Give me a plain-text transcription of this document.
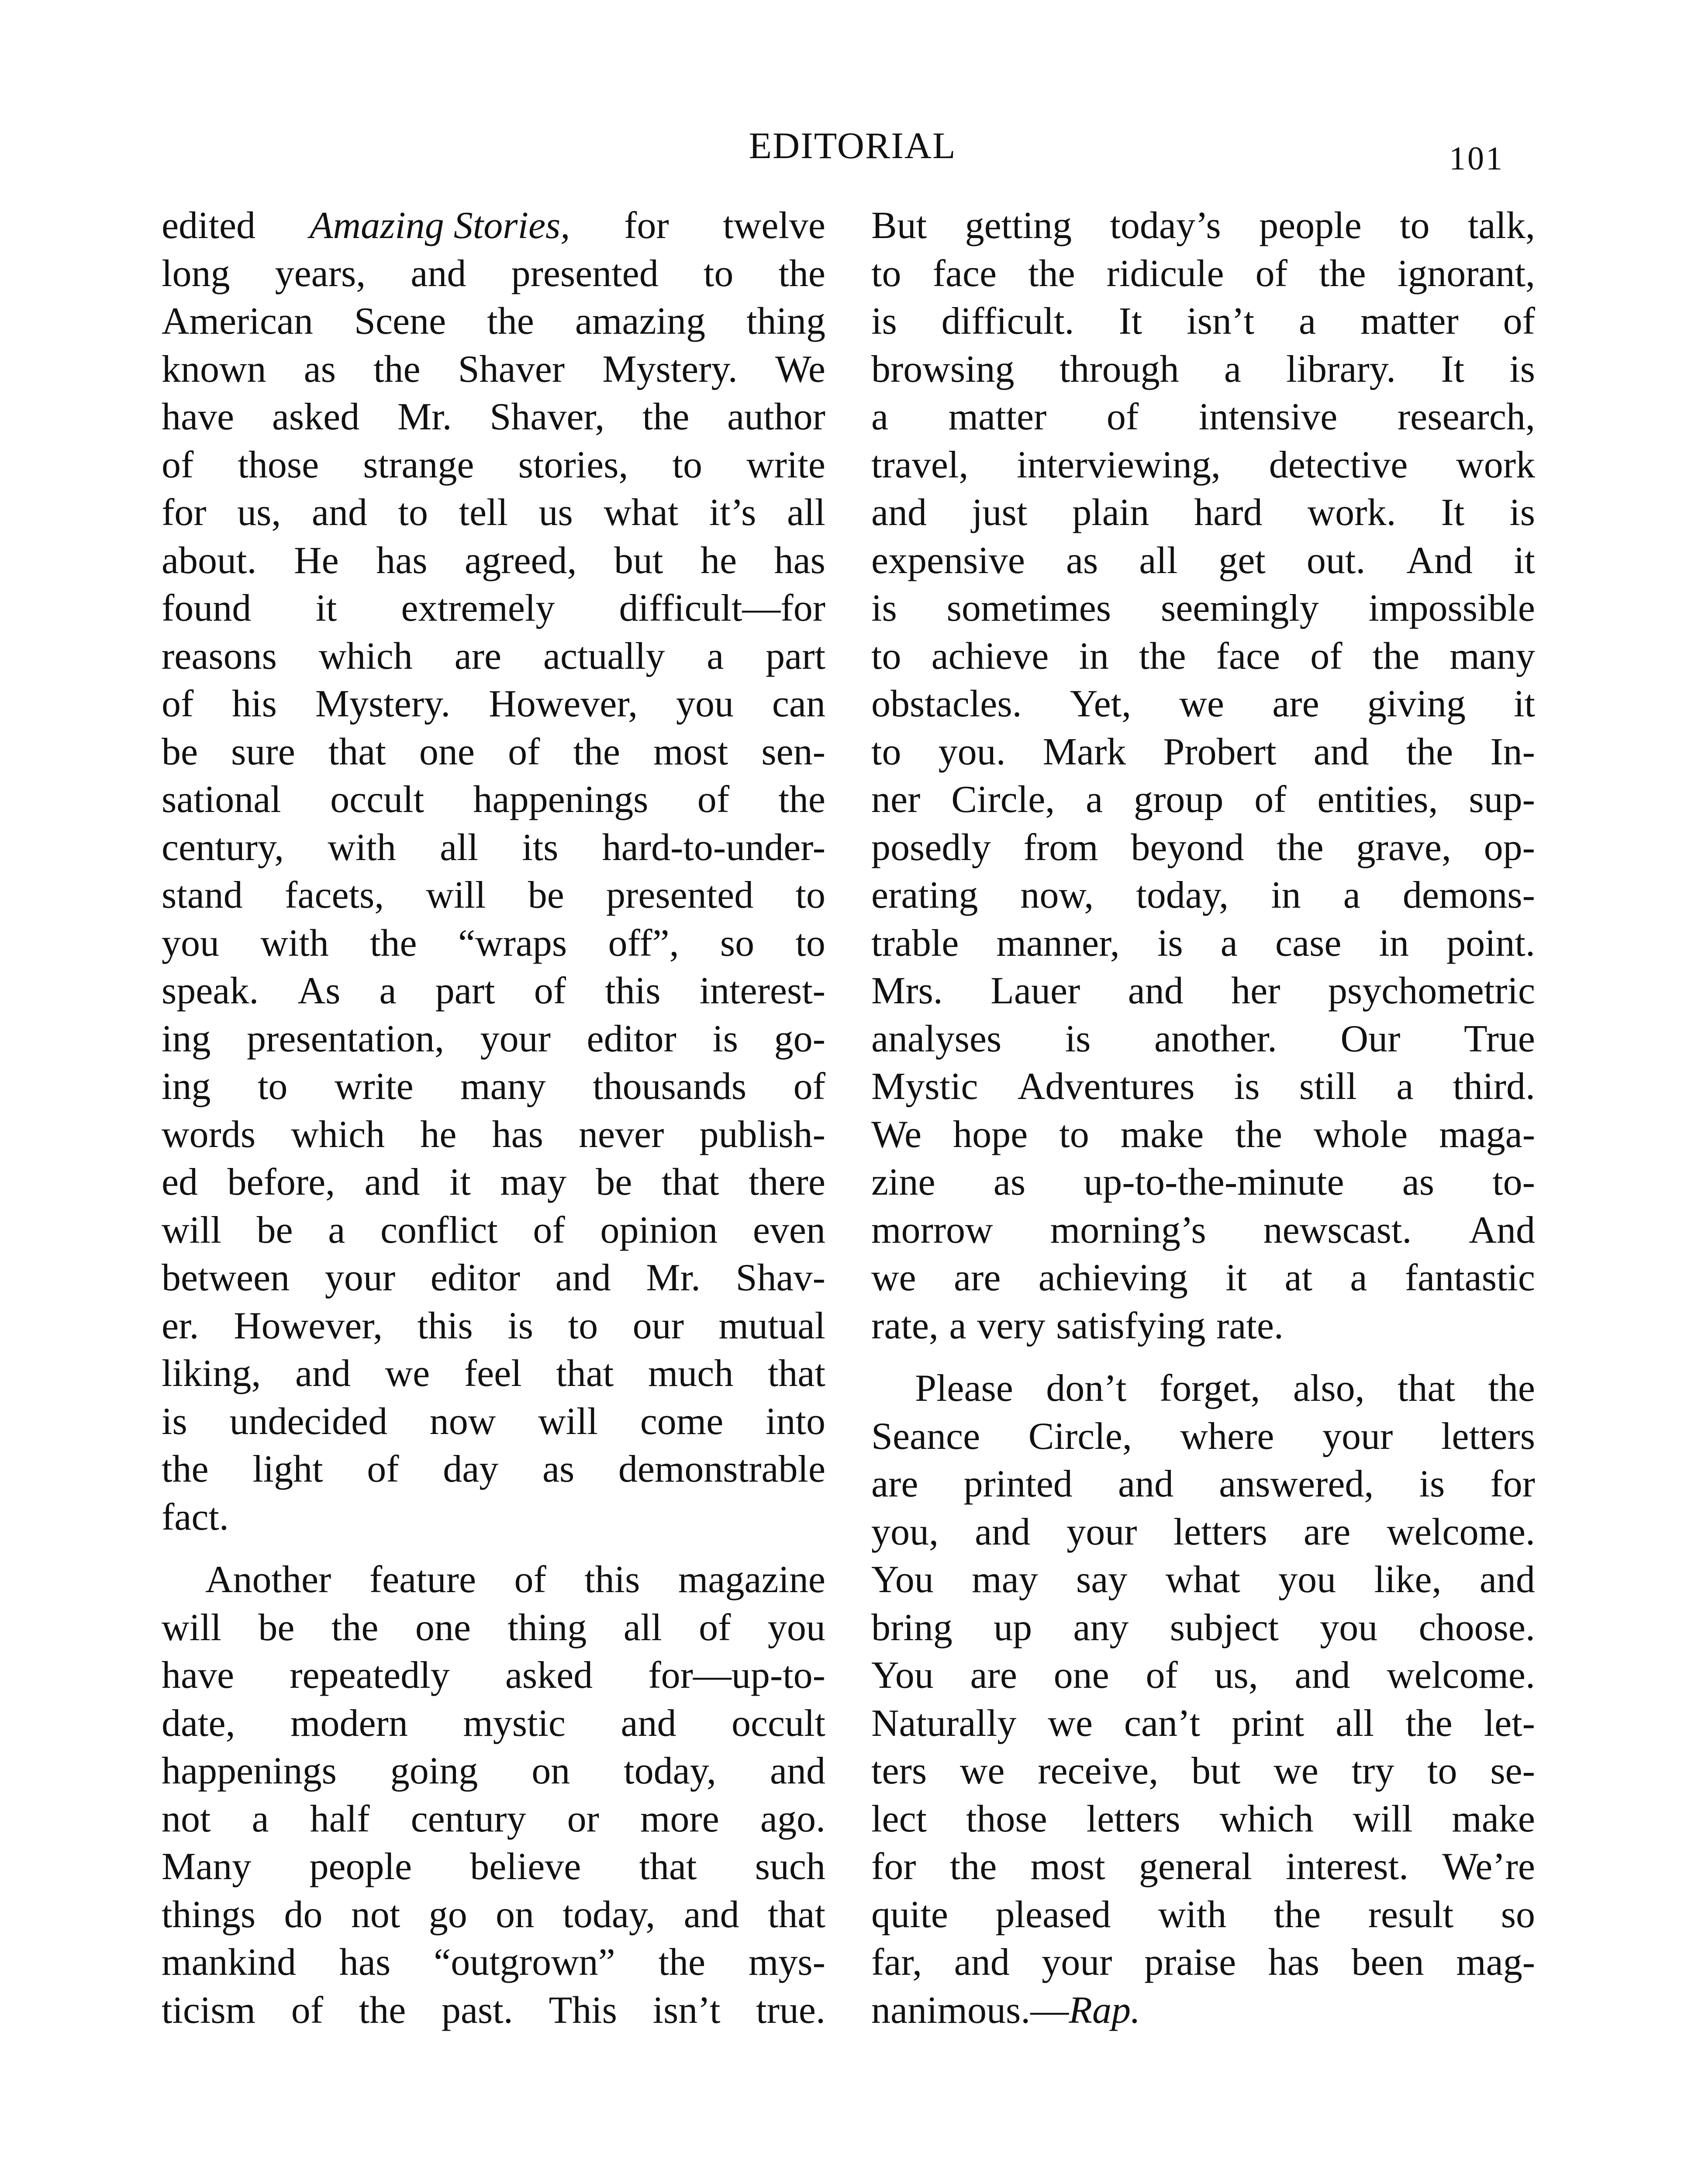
EDITORIAL	101
edited Amazing Stories, for twelve
long years, and presented to the
American Scene the amazing thing
known as the Shaver Mystery. We
have asked Mr. Shaver, the author
of those strange stories, to write
for us, and to tell us what it’s all
about. He has agreed, but he has
found it extremely difficult—for
reasons which are actually a part
of his Mystery. However, you can
be sure that one of the most sen-
sational occult happenings of the
century, with all its hard-to-under-
stand facets, will be presented to
you with the “wraps off”, so to
speak. As a part of this interest-
ing presentation, your editor is go-
ing to write many thousands of
words which he has never publish-
ed before, and it may be that there
will be a conflict of opinion even
between your editor and Mr. Shav-
er. However, this is to our mutual
liking, and we feel that much that
is undecided now will come into
the light of day as demonstrable
fact.
Another feature of this magazine
will be the one thing all of you
have repeatedly asked for—up-to-
date, modern mystic and occult
happenings going on today, and
not a half century or more ago.
Many people believe that such
things do not go on today, and that
mankind has “outgrown” the mys-
ticism of the past. This isn’t true.
But getting today’s people to talk,
to face the ridicule of the ignorant,
is difficult. It isn’t a matter of
browsing through a library. It is
a matter of intensive research,
travel, interviewing, detective work
and just plain hard work. It is
expensive as all get out. And it
is sometimes seemingly impossible
to achieve in the face of the many
obstacles. Yet, we are giving it
to you. Mark Probert and the In-
ner Circle, a group of entities, sup-
posedly from beyond the grave, op-
erating now, today, in a demons-
trable manner, is a case in point.
Mrs. Lauer and her psychometric
analyses is another. Our True
Mystic Adventures is still a third.
We hope to make the whole maga-
zine as up-to-the-minute as to-
morrow morning’s newscast. And
we are achieving it at a fantastic
rate, a very satisfying rate.
Please don’t forget, also, that the
Seance Circle, where your letters
are printed and answered, is for
you, and your letters are welcome.
You may say what you like, and
bring up any subject you choose.
You are one of us, and welcome.
Naturally we can’t print all the let-
ters we receive, but we try to se-
lect those letters which will make
for the most general interest. We’re
quite pleased with the result so
far, and your praise has been mag-
nanimous.— Rap.
